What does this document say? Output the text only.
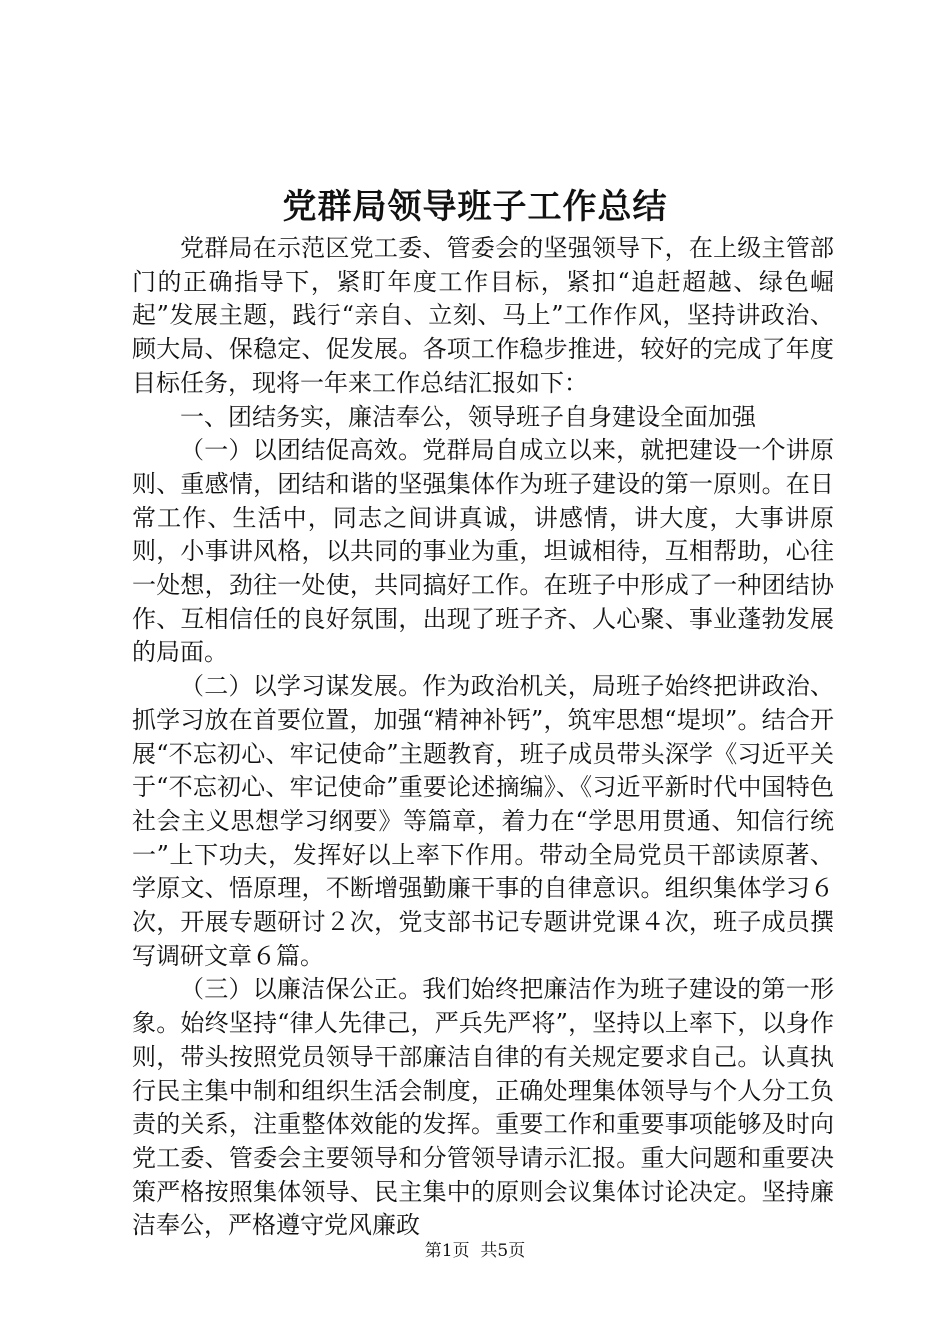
党群局领导班子工作总结

党群局在示范区党工委、管委会的坚强领导下，在上级主管部门的正确指导下，紧盯年度工作目标，紧扣“追赶超越、绿色崛起”发展主题，践行“亲自、立刻、马上”工作作风，坚持讲政治、顾大局、保稳定、促发展。各项工作稳步推进，较好的完成了年度目标任务，现将一年来工作总结汇报如下：

一、团结务实，廉洁奉公，领导班子自身建设全面加强

（一）以团结促高效。党群局自成立以来，就把建设一个讲原则、重感情，团结和谐的坚强集体作为班子建设的第一原则。在日常工作、生活中，同志之间讲真诚，讲感情，讲大度，大事讲原则，小事讲风格，以共同的事业为重，坦诚相待，互相帮助，心往一处想，劲往一处使，共同搞好工作。在班子中形成了一种团结协作、互相信任的良好氛围，出现了班子齐、人心聚、事业蓬勃发展的局面。

（二）以学习谋发展。作为政治机关，局班子始终把讲政治、抓学习放在首要位置，加强“精神补钙”，筑牢思想“堤坝”。结合开展“不忘初心、牢记使命”主题教育，班子成员带头深学《习近平关于“不忘初心、牢记使命”重要论述摘编》、《习近平新时代中国特色社会主义思想学习纲要》等篇章，着力在“学思用贯通、知信行统一”上下功夫，发挥好以上率下作用。带动全局党员干部读原著、学原文、悟原理，不断增强勤廉干事的自律意识。组织集体学习６次，开展专题研讨２次，党支部书记专题讲党课４次，班子成员撰写调研文章６篇。

（三）以廉洁保公正。我们始终把廉洁作为班子建设的第一形象。始终坚持“律人先律己，严兵先严将”，坚持以上率下，以身作则，带头按照党员领导干部廉洁自律的有关规定要求自己。认真执行民主集中制和组织生活会制度，正确处理集体领导与个人分工负责的关系，注重整体效能的发挥。重要工作和重要事项能够及时向党工委、管委会主要领导和分管领导请示汇报。重大问题和重要决策严格按照集体领导、民主集中的原则会议集体讨论决定。坚持廉洁奉公，严格遵守党风廉政

第1页 共5页
